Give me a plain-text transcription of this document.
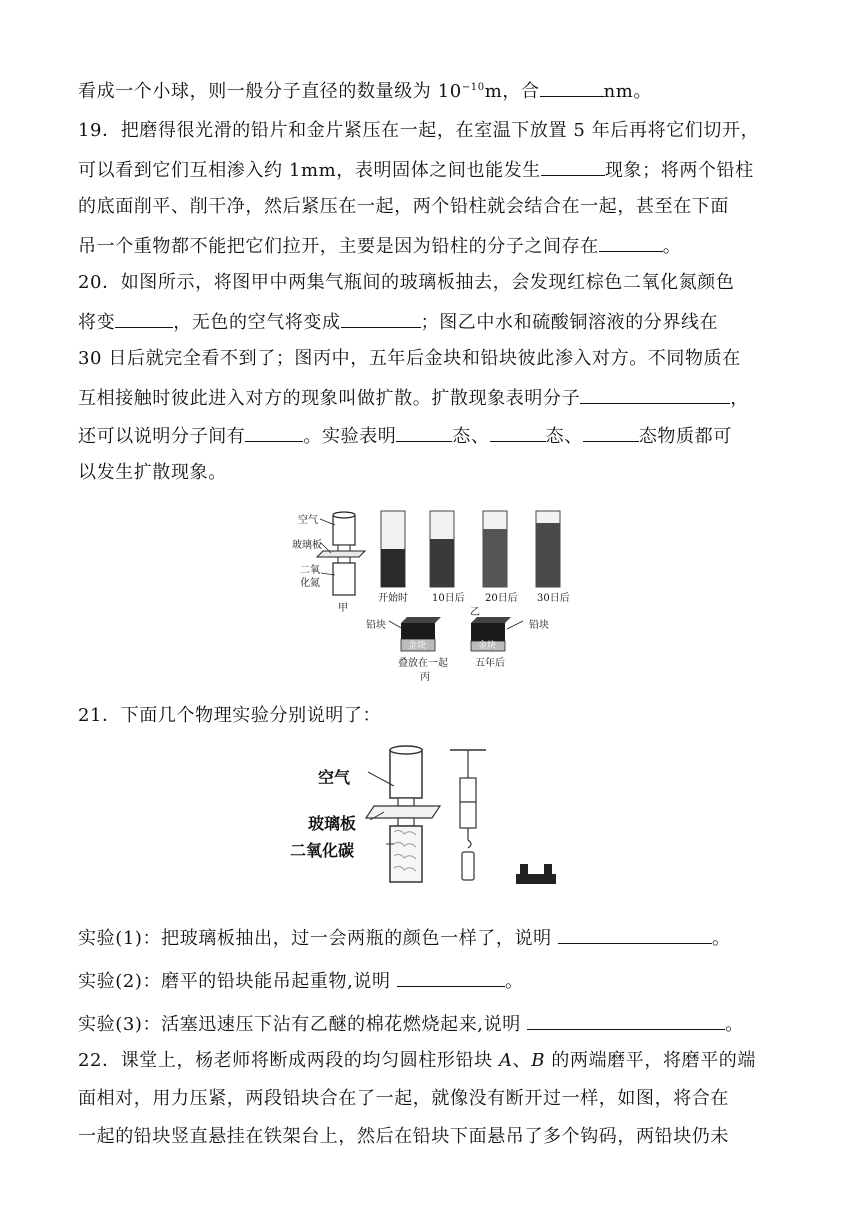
看成一个小球，则一般分子直径的数量级为 $10^{-10}m$，合	nm。
19．把磨得很光滑的铅片和金片紧压在一起，在室温下放置 5 年后再将它们切开，
可以看到它们互相渗入约 1mm，表明固体之间也能发生	现象；将两个铅柱
的底面削平、削干净，然后紧压在一起，两个铅柱就会结合在一起，甚至在下面
吊一个重物都不能把它们拉开，主要是因为铅柱的分子之间存在	。
20．如图所示，将图甲中两集气瓶间的玻璃板抽去，会发现红棕色二氧化氮颜色
将变	，无色的空气将变成	；图乙中水和硫酸铜溶液的分界线在
30 日后就完全看不到了；图丙中，五年后金块和铅块彼此渗入对方。不同物质在
互相接触时彼此进入对方的现象叫做扩散。扩散现象表明分子	，
还可以说明分子间有	。实验表明	态、	态、	态物质都可
以发生扩散现象。
空气
玻璃板
二氧
化氮
甲
开始时 10日后 20日后 30日后
乙
铅块	铅块
金块	金块
叠放在一起	五年后
丙
21．下面几个物理实验分别说明了：
空气
玻璃板
二氧化碳
实验(1)：把玻璃板抽出，过一会两瓶的颜色一样了，说明	。
实验(2)：磨平的铅块能吊起重物,说明	。
实验(3)：活塞迅速压下沾有乙醚的棉花燃烧起来,说明	。
22．课堂上，杨老师将断成两段的均匀圆柱形铅块 A、B 的两端磨平，将磨平的端
面相对，用力压紧，两段铅块合在了一起，就像没有断开过一样，如图，将合在
一起的铅块竖直悬挂在铁架台上，然后在铅块下面悬吊了多个钩码，两铅块仍未
